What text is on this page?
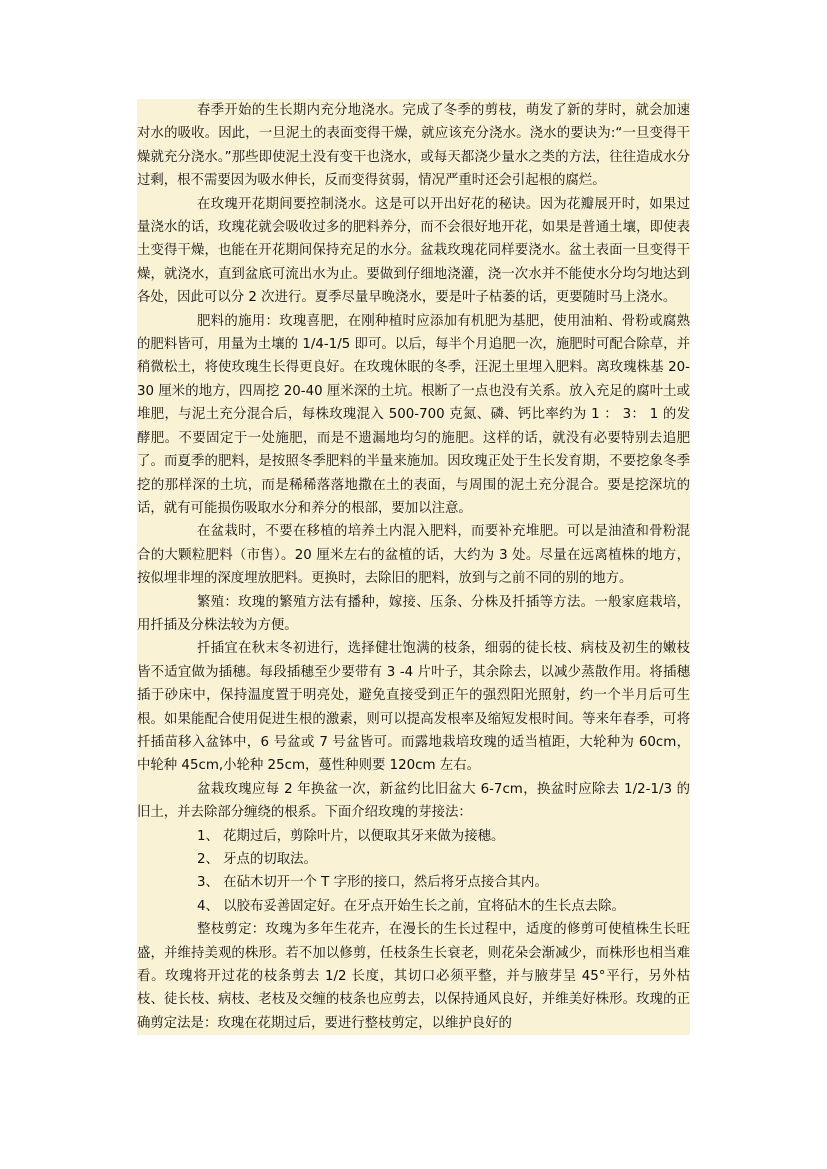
春季开始的生长期内充分地浇水。完成了冬季的剪枝，萌发了新的芽时，就会加速对水的吸收。因此，一旦泥土的表面变得干燥，就应该充分浇水。浇水的要诀为:“一旦变得干燥就充分浇水。”那些即使泥土没有变干也浇水，或每天都浇少量水之类的方法，往往造成水分过剩，根不需要因为吸水伸长，反而变得贫弱，情况严重时还会引起根的腐烂。

在玫瑰开花期间要控制浇水。这是可以开出好花的秘诀。因为花瓣展开时，如果过量浇水的话，玫瑰花就会吸收过多的肥料养分，而不会很好地开花，如果是普通土壤，即使表土变得干燥，也能在开花期间保持充足的水分。盆栽玫瑰花同样要浇水。盆土表面一旦变得干燥，就浇水，直到盆底可流出水为止。要做到仔细地浇灌，浇一次水并不能使水分均匀地达到各处，因此可以分 2 次进行。夏季尽量早晚浇水，要是叶子枯萎的话，更要随时马上浇水。

肥料的施用：玫瑰喜肥，在刚种植时应添加有机肥为基肥，使用油粕、骨粉或腐熟的肥料皆可，用量为土壤的 1/4-1/5 即可。以后，每半个月追肥一次，施肥时可配合除草，并稍微松土，将使玫瑰生长得更良好。在玫瑰休眠的冬季，汪泥土里埋入肥料。离玫瑰株基 20-30 厘米的地方，四周挖 20-40 厘米深的土坑。根断了一点也没有关系。放入充足的腐叶土或堆肥，与泥土充分混合后，每株玫瑰混入 500-700 克氮、磷、钙比率约为 1 ： 3： 1 的发酵肥。不要固定于一处施肥，而是不遗漏地均匀的施肥。这样的话，就没有必要特别去追肥了。而夏季的肥料，是按照冬季肥料的半量来施加。因玫瑰正处于生长发育期，不要挖象冬季挖的那样深的土坑，而是稀稀落落地撒在土的表面，与周围的泥土充分混合。要是挖深坑的话，就有可能损伤吸取水分和养分的根部，要加以注意。

在盆栽时，不要在移植的培养土内混入肥料，而要补充堆肥。可以是油渣和骨粉混合的大颗粒肥料（市售）。20 厘米左右的盆植的话，大约为 3 处。尽量在远离植株的地方，按似埋非埋的深度埋放肥料。更换时，去除旧的肥料，放到与之前不同的别的地方。

繁殖：玫瑰的繁殖方法有播种，嫁接、压条、分株及扦插等方法。一般家庭栽培，用扦插及分株法较为方便。

扦插宜在秋末冬初进行，选择健壮饱满的枝条，细弱的徒长枝、病枝及初生的嫩枝皆不适宜做为插穗。每段插穗至少要带有 3 -4 片叶子，其余除去，以减少蒸散作用。将插穗插于砂床中，保持温度置于明亮处，避免直接受到正午的强烈阳光照射，约一个半月后可生根。如果能配合使用促进生根的激素，则可以提高发根率及缩短发根时间。等来年春季，可将扦插苗移入盆钵中，6 号盆或 7 号盆皆可。而露地栽培玫瑰的适当植距，大轮种为 60cm，中轮种 45cm,小轮种 25cm，蔓性种则要 120cm 左右。

盆栽玫瑰应每 2 年换盆一次，新盆约比旧盆大 6-7cm，换盆时应除去 1/2-1/3 的旧土，并去除部分缠绕的根系。下面介绍玫瑰的芽接法：

1、 花期过后，剪除叶片，以便取其牙来做为接穗。

2、 牙点的切取法。

3、 在砧木切开一个 T 字形的接口，然后将牙点接合其内。

4、 以胶布妥善固定好。在牙点开始生长之前，宜将砧木的生长点去除。

整枝剪定：玫瑰为多年生花卉，在漫长的生长过程中，适度的修剪可使植株生长旺盛，并维持美观的株形。若不加以修剪，任枝条生长衰老，则花朵会渐减少，而株形也相当难看。玫瑰将开过花的枝条剪去 1/2 长度，其切口必须平整，并与腋芽呈 45°平行，另外枯枝、徒长枝、病枝、老枝及交缠的枝条也应剪去，以保持通风良好，并维美好株形。玫瑰的正确剪定法是：玫瑰在花期过后，要进行整枝剪定，以维护良好的
